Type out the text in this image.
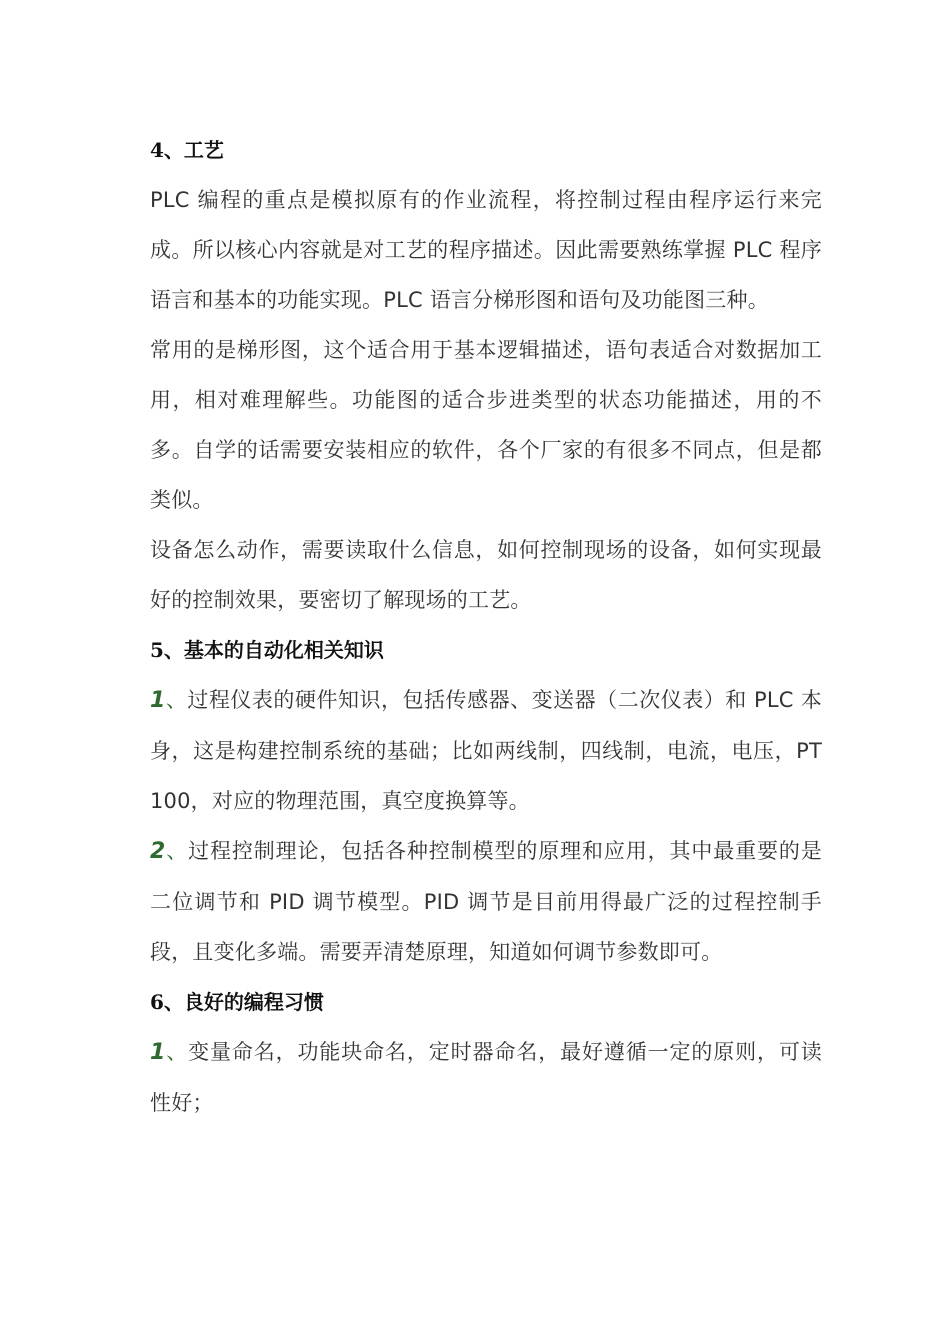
4、工艺

PLC 编程的重点是模拟原有的作业流程，将控制过程由程序运行来完成。所以核心内容就是对工艺的程序描述。因此需要熟练掌握 PLC 程序语言和基本的功能实现。PLC 语言分梯形图和语句及功能图三种。

常用的是梯形图，这个适合用于基本逻辑描述，语句表适合对数据加工用，相对难理解些。功能图的适合步进类型的状态功能描述，用的不多。自学的话需要安装相应的软件，各个厂家的有很多不同点，但是都类似。

设备怎么动作，需要读取什么信息，如何控制现场的设备，如何实现最好的控制效果，要密切了解现场的工艺。

5、基本的自动化相关知识

1、过程仪表的硬件知识，包括传感器、变送器（二次仪表）和 PLC 本身，这是构建控制系统的基础；比如两线制，四线制，电流，电压，PT100，对应的物理范围，真空度换算等。

2、过程控制理论，包括各种控制模型的原理和应用，其中最重要的是二位调节和 PID 调节模型。PID 调节是目前用得最广泛的过程控制手段，且变化多端。需要弄清楚原理，知道如何调节参数即可。

6、良好的编程习惯

1、变量命名，功能块命名，定时器命名，最好遵循一定的原则，可读性好；
